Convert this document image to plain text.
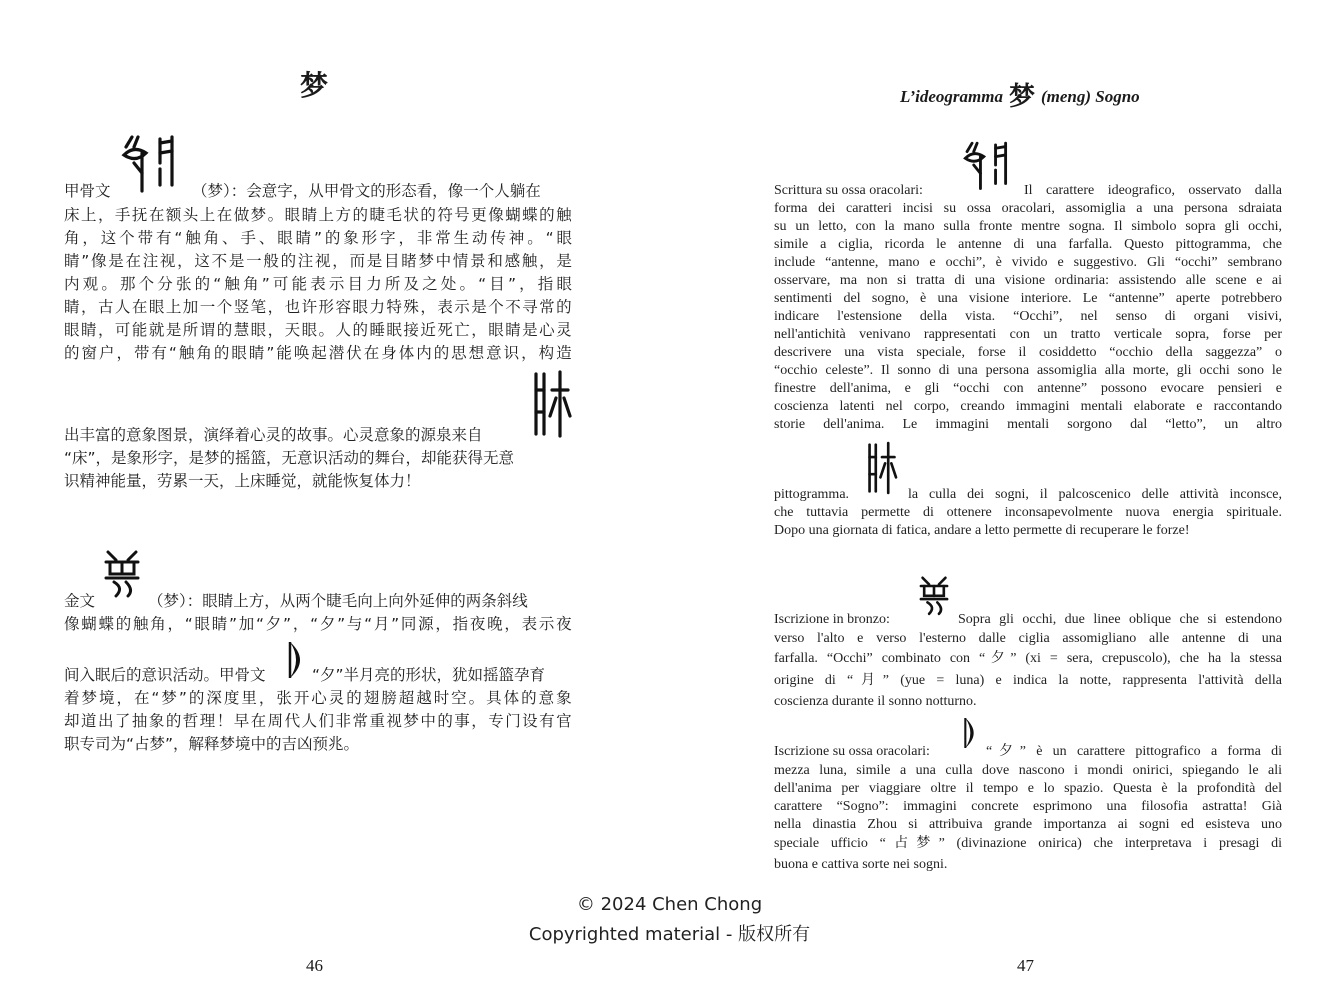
梦
甲骨文	（梦）：会意字，从甲骨文的形态看，像一个人躺在
床 上 ， 手 抚 在 额 头 上 在 做 梦 。 眼 睛 上 方 的 睫 毛 状 的 符 号 更 像 蝴 蝶 的 触
角 ， 这 个 带 有 “ 触 角 、 手 、 眼 睛 ” 的 象 形 字 ， 非 常 生 动 传 神 。 “ 眼
睛 ” 像 是 在 注 视 ， 这 不 是 一 般 的 注 视 ， 而 是 目 睹 梦 中 情 景 和 感 触 ， 是
内 观 。 那 个 分 张 的 “ 触 角 ” 可 能 表 示 目 力 所 及 之 处 。 “ 目 ” ， 指 眼
睛 ， 古 人 在 眼 上 加 一 个 竖 笔 ， 也 许 形 容 眼 力 特 殊 ， 表 示 是 个 不 寻 常 的
眼 睛 ， 可 能 就 是 所 谓 的 慧 眼 ， 天 眼 。 人 的 睡 眠 接 近 死 亡 ， 眼 睛 是 心 灵
的 窗 户 ， 带 有 “ 触 角 的 眼 睛 ” 能 唤 起 潜 伏 在 身 体 内 的 思 想 意 识 ， 构 造
出丰富的意象图景，演绎着心灵的故事。心灵意象的源泉来自
“床”，是象形字，是梦的摇篮，无意识活动的舞台，却能获得无意
识精神能量，劳累一天，上床睡觉，就能恢复体力！
金文	（梦）：眼睛上方，从两个睫毛向上向外延伸的两条斜线
像 蝴 蝶 的 触 角 ， “ 眼 睛 ” 加 “ 夕 ” ， “ 夕 ” 与 “ 月 ” 同 源 ， 指 夜 晚 ， 表 示 夜
间入眠后的意识活动。甲骨文	“夕”半月亮的形状，犹如摇篮孕育
着 梦 境 ， 在 “ 梦 ” 的 深 度 里 ， 张 开 心 灵 的 翅 膀 超 越 时 空 。 具 体 的 意 象
却 道 出 了 抽 象 的 哲 理 ！ 早 在 周 代 人 们 非 常 重 视 梦 中 的 事 ， 专 门 设 有 官
职专司为“占梦”，解释梦境中的吉凶预兆。
46
L’ideogramma 梦 (meng) Sogno
Scrittura su ossa oracolari:	Il carattere ideografico, osservato dalla
forma dei caratteri incisi su ossa oracolari, assomiglia a una persona sdraiata
su un letto, con la mano sulla fronte mentre sogna. Il simbolo sopra gli occhi,
simile a ciglia, ricorda le antenne di una farfalla. Questo pittogramma, che
include “antenne, mano e occhi”, è vivido e suggestivo. Gli “occhi” sembrano
osservare, ma non si tratta di una visione ordinaria: assistendo alle scene e ai
sentimenti del sogno, è una visione interiore. Le “antenne” aperte potrebbero
indicare l'estensione della vista. “Occhi”, nel senso di organi visivi,
nell'antichità venivano rappresentati con un tratto verticale sopra, forse per
descrivere una vista speciale, forse il cosiddetto “occhio della saggezza” o
“occhio celeste”. Il sonno di una persona assomiglia alla morte, gli occhi sono le
finestre dell'anima, e gli “occhi con antenne” possono evocare pensieri e
coscienza latenti nel corpo, creando immagini mentali elaborate e raccontando
storie dell'anima. Le immagini mentali sorgono dal “letto”, un altro
pittogramma.	la culla dei sogni, il palcoscenico delle attività inconsce,
che tuttavia permette di ottenere inconsapevolmente nuova energia spirituale.
Dopo una giornata di fatica, andare a letto permette di recuperare le forze!
Iscrizione in bronzo:	Sopra gli occhi, due linee oblique che si estendono
verso l'alto e verso l'esterno dalle ciglia assomigliano alle antenne di una
farfalla. “Occhi” combinato con “夕” (xi = sera, crepuscolo), che ha la stessa
origine di “月” (yue = luna) e indica la notte, rappresenta l'attività della
coscienza durante il sonno notturno.
Iscrizione su ossa oracolari:	“夕” è un carattere pittografico a forma di
mezza luna, simile a una culla dove nascono i mondi onirici, spiegando le ali
dell'anima per viaggiare oltre il tempo e lo spazio. Questa è la profondità del
carattere “Sogno”: immagini concrete esprimono una filosofia astratta! Già
nella dinastia Zhou si attribuiva grande importanza ai sogni ed esisteva uno
speciale ufficio “占梦” (divinazione onirica) che interpretava i presagi di
buona e cattiva sorte nei sogni.
47
© 2024 Chen Chong
Copyrighted material - 版权所有
